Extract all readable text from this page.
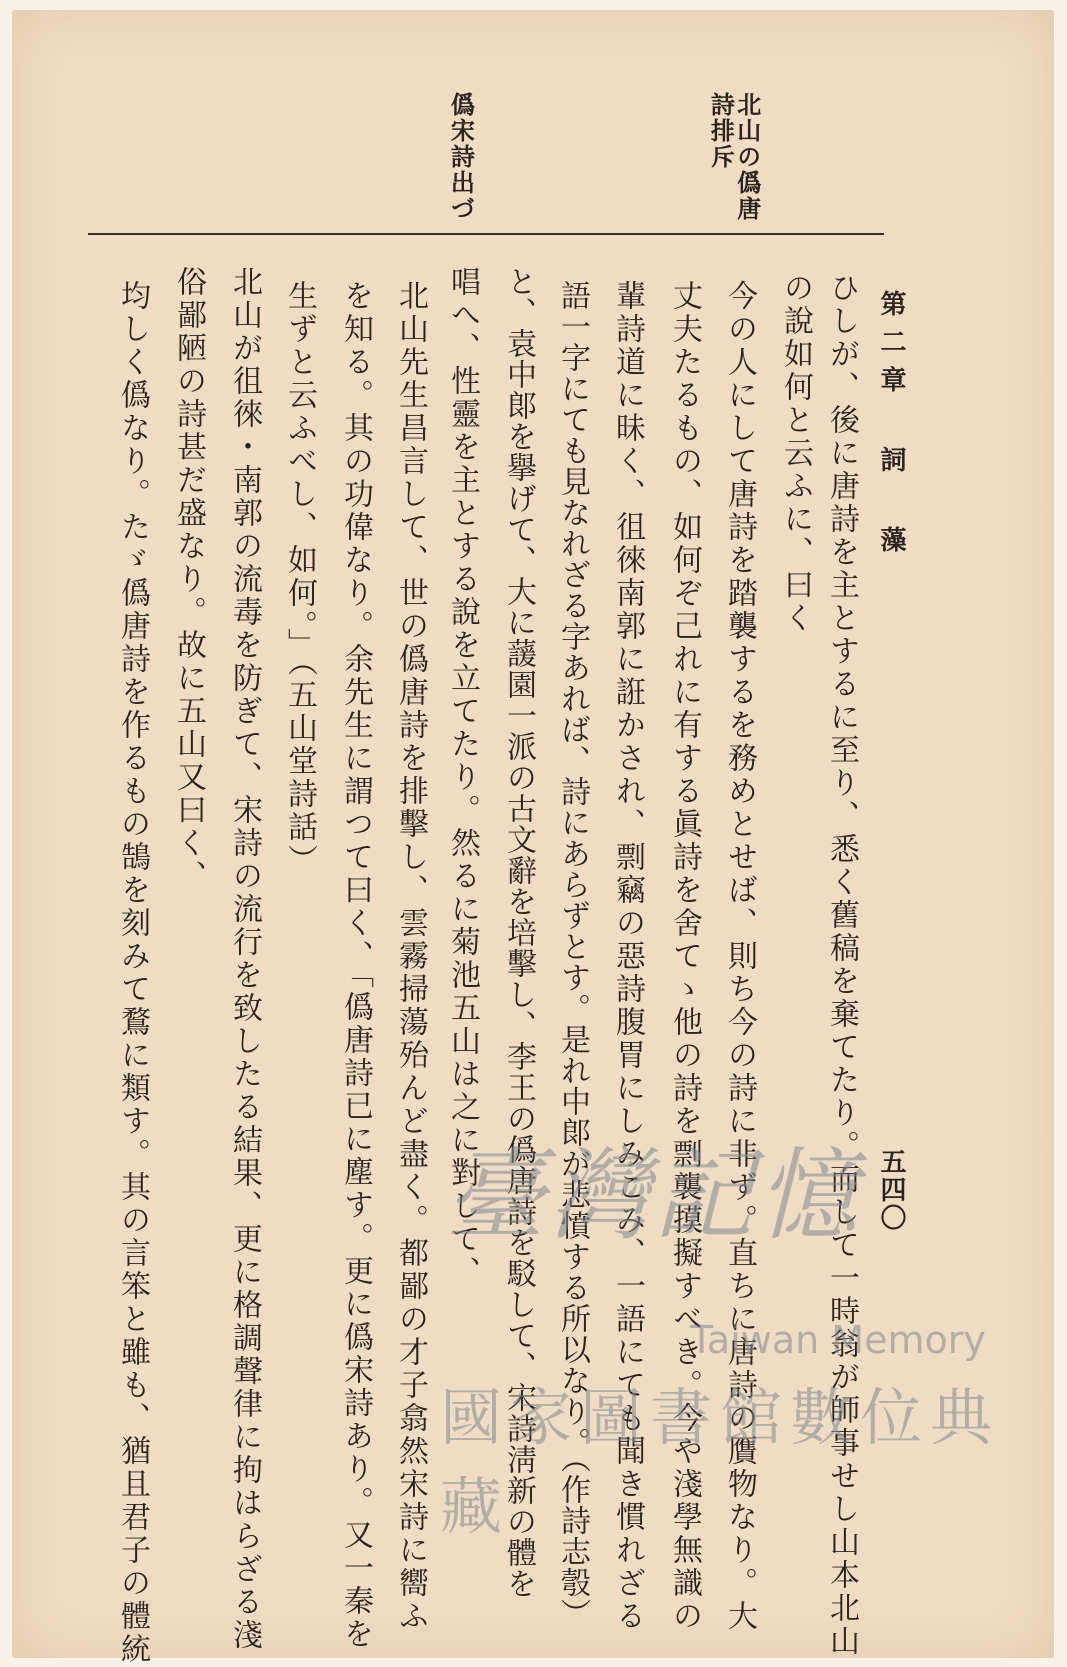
第二章 詞 藻
五四〇
北山の僞唐詩排斥
僞宋詩出づ
ひしが、後に唐詩を主とするに至り、悉く舊稿を棄てたり。而して一時翁が師事せし山本北山
の說如何と云ふに、曰く
今の人にして唐詩を踏襲するを務めとせば、則ち今の詩に非ず。直ちに唐詩の贋物なり。大
丈夫たるもの、如何ぞ己れに有する眞詩を舍てゝ他の詩を剽襲摸擬すべき。今や淺學無識の
輩詩道に昧く、徂徠南郭に誑かされ、剽竊の惡詩腹胃にしみこみ、一語にても聞き慣れざる
語一字にても見なれざる字あれば、詩にあらずとす。是れ中郞が悲憤する所以なり。（作詩志彀）
と、袁中郞を擧げて、大に蘐園一派の古文辭を培擊し、李王の僞唐詩を駁して、宋詩淸新の體を
唱へ、性靈を主とする說を立てたり。然るに菊池五山は之に對して、
北山先生昌言して、世の僞唐詩を排擊し、雲霧掃蕩殆んど盡く。都鄙の才子翕然宋詩に嚮ふ
を知る。其の功偉なり。余先生に謂つて曰く、「僞唐詩已に塵す。更に僞宋詩あり。又一秦を
生ずと云ふべし、如何。」（五山堂詩話）
北山が徂徠・南郭の流毒を防ぎて、宋詩の流行を致したる結果、更に格調聲律に拘はらざる淺
俗鄙陋の詩甚だ盛なり。故に五山又曰く、
均しく僞なり。たゞ僞唐詩を作るもの鵠を刻みて鶩に類す。其の言笨と雖も、猶且君子の體統	臺灣記憶
Taiwan Memory
國家圖書館數位典藏
